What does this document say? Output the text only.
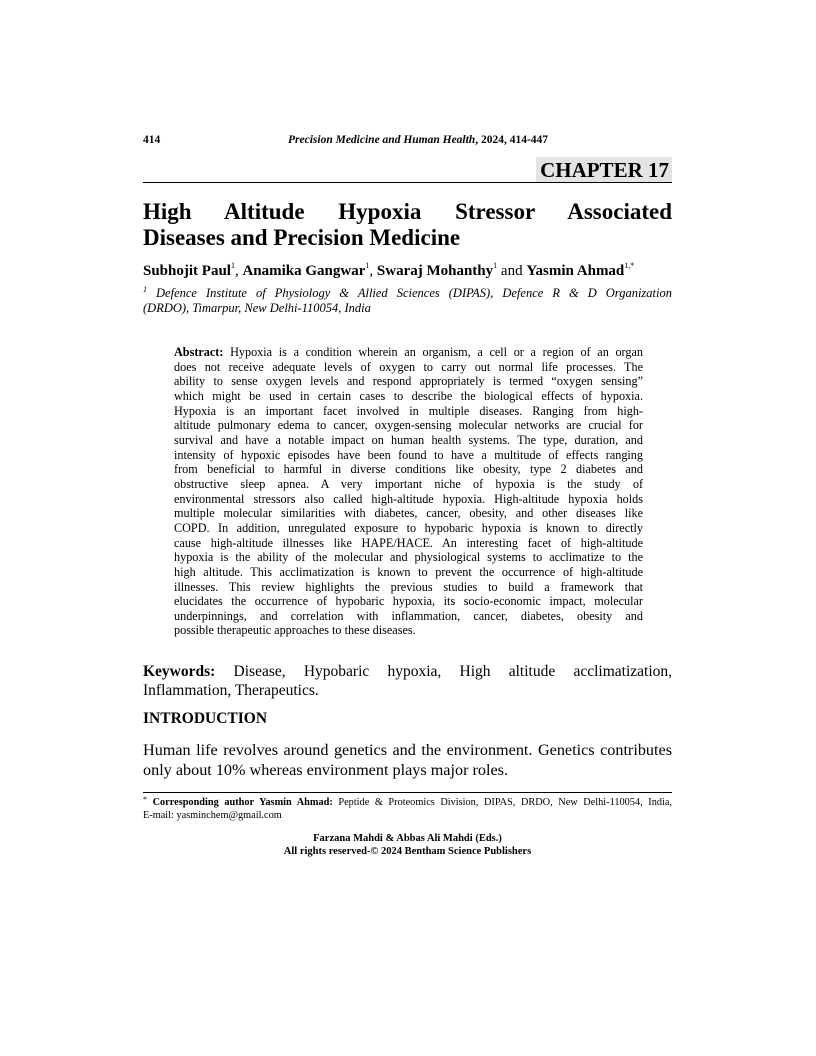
414	Precision Medicine and Human Health, 2024, 414-447
CHAPTER 17
High Altitude Hypoxia Stressor Associated
Diseases and Precision Medicine
Subhojit Paul$^1$, Anamika Gangwar$^1$, Swaraj Mohanthy$^1$ and Yasmin Ahmad$^{1,*}$
$^1$ Defence Institute of Physiology & Allied Sciences (DIPAS), Defence R & D Organization
(DRDO), Timarpur, New Delhi-110054, India
Abstract: Hypoxia is a condition wherein an organism, a cell or a region of an organ
does not receive adequate levels of oxygen to carry out normal life processes. The
ability to sense oxygen levels and respond appropriately is termed “oxygen sensing”
which might be used in certain cases to describe the biological effects of hypoxia.
Hypoxia is an important facet involved in multiple diseases. Ranging from high-
altitude pulmonary edema to cancer, oxygen-sensing molecular networks are crucial for
survival and have a notable impact on human health systems. The type, duration, and
intensity of hypoxic episodes have been found to have a multitude of effects ranging
from beneficial to harmful in diverse conditions like obesity, type 2 diabetes and
obstructive sleep apnea. A very important niche of hypoxia is the study of
environmental stressors also called high-altitude hypoxia. High-altitude hypoxia holds
multiple molecular similarities with diabetes, cancer, obesity, and other diseases like
COPD. In addition, unregulated exposure to hypobaric hypoxia is known to directly
cause high-altitude illnesses like HAPE/HACE. An interesting facet of high-altitude
hypoxia is the ability of the molecular and physiological systems to acclimatize to the
high altitude. This acclimatization is known to prevent the occurrence of high-altitude
illnesses. This review highlights the previous studies to build a framework that
elucidates the occurrence of hypobaric hypoxia, its socio-economic impact, molecular
underpinnings, and correlation with inflammation, cancer, diabetes, obesity and
possible therapeutic approaches to these diseases.
Keywords: Disease, Hypobaric hypoxia, High altitude acclimatization,
Inflammation, Therapeutics.
INTRODUCTION
Human life revolves around genetics and the environment. Genetics contributes
only about 10% whereas environment plays major roles.
* Corresponding author Yasmin Ahmad: Peptide & Proteomics Division, DIPAS, DRDO, New Delhi-110054, India,
E-mail: yasminchem@gmail.com
Farzana Mahdi & Abbas Ali Mahdi (Eds.)
All rights reserved-© 2024 Bentham Science Publishers
